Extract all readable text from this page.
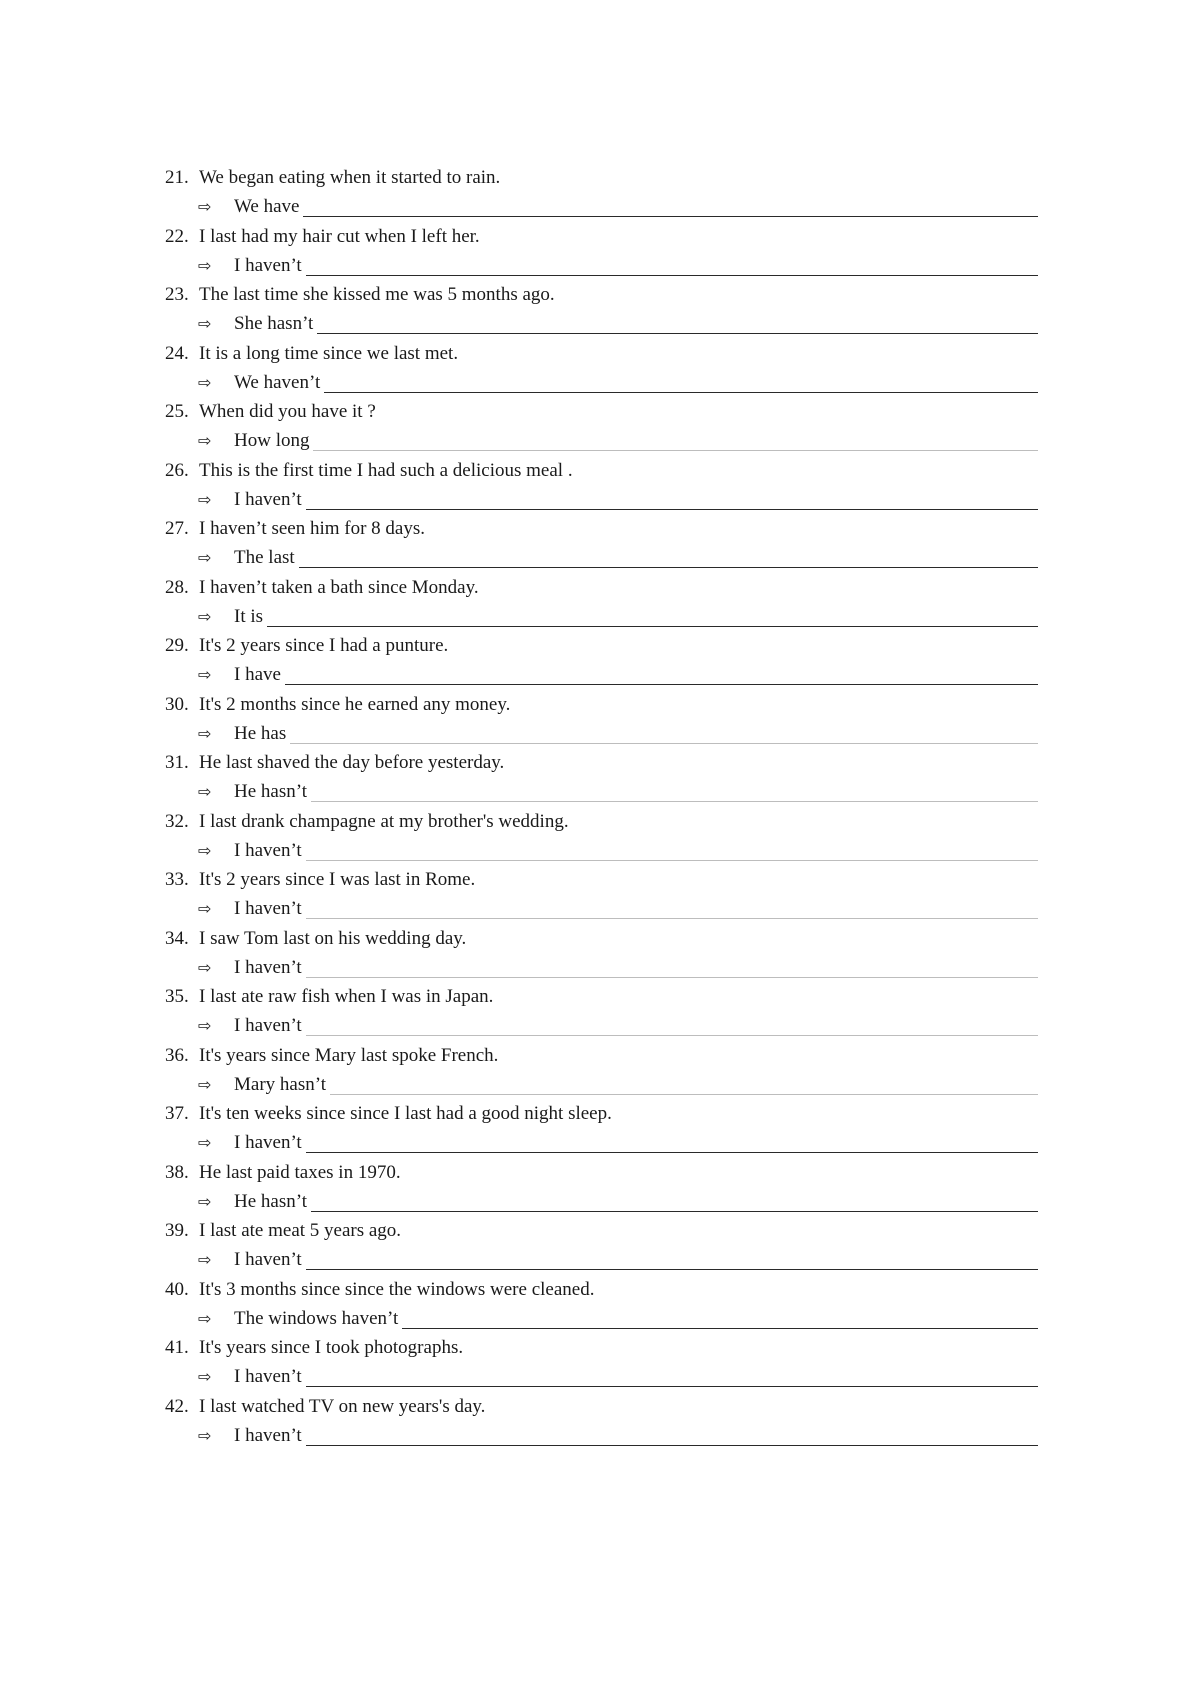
21. We began eating when it started to rain.
⇨	We have
22. I last had my hair cut when I left her.
⇨	I haven’t
23. The last time she kissed me was 5 months ago.
⇨	She hasn’t
24. It is a long time since we last met.
⇨	We haven’t
25. When did you have it ?
⇨	How long
26. This is the first time I had such a delicious meal .
⇨	I haven’t
27. I haven’t seen him for 8 days.
⇨	The last
28. I haven’t taken a bath since Monday.
⇨	It is
29. It's 2 years since I had a punture.
⇨	I have
30. It's 2 months since he earned any money.
⇨	He has
31. He last shaved the day before yesterday.
⇨	He hasn’t
32. I last drank champagne at my brother's wedding.
⇨	I haven’t
33. It's 2 years since I was last in Rome.
⇨	I haven’t
34. I saw Tom last on his wedding day.
⇨	I haven’t
35. I last ate raw fish when I was in Japan.
⇨	I haven’t
36. It's years since Mary last spoke French.
⇨	Mary hasn’t
37. It's ten weeks since since I last had a good night sleep.
⇨	I haven’t
38. He last paid taxes in 1970.
⇨	He hasn’t
39. I last ate meat 5 years ago.
⇨	I haven’t
40. It's 3 months since since the windows were cleaned.
⇨	The windows haven’t
41. It's years since I took photographs.
⇨	I haven’t
42. I last watched TV on new years's day.
⇨	I haven’t
